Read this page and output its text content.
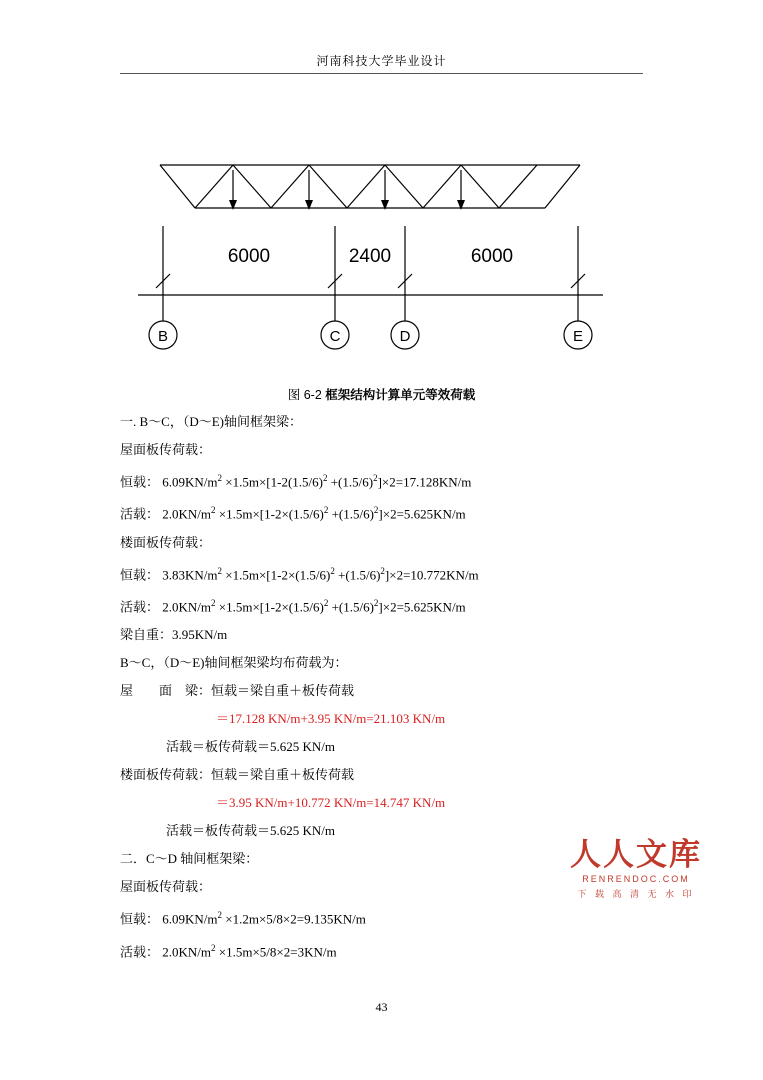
河南科技大学毕业设计
6000	2400	6000
B	C	D	E
图 6-2 框架结构计算单元等效荷载
一. B～C，（D～E)轴间框架梁：
屋面板传荷载：
恒载： $6.09KN/m^2 \times 1.5m\times[1-2(1.5/6)^2 +(1.5/6)^2]\times 2=17.128KN/m$
活载： $2.0KN/m^2 \times 1.5m\times[1-2\times(1.5/6)^2 +(1.5/6)^2]\times 2=5.625KN/m$
楼面板传荷载：
恒载： $3.83KN/m^2 \times 1.5m\times[1-2\times(1.5/6)^2 +(1.5/6)^2]\times 2=10.772KN/m$
活载： $2.0KN/m^2 \times 1.5m\times[1-2\times(1.5/6)^2 +(1.5/6)^2]\times 2=5.625KN/m$
梁自重：3.95KN/m
B～C，（D～E)轴间框架梁均布荷载为：
屋　　面　梁：恒载＝梁自重＋板传荷载
＝17.128 KN/m+3.95 KN/m=21.103 KN/m
活载＝板传荷载＝5.625 KN/m
楼面板传荷载：恒载＝梁自重＋板传荷载
＝3.95 KN/m+10.772 KN/m=14.747 KN/m
活载＝板传荷载＝5.625 KN/m
二．C～D 轴间框架梁：
屋面板传荷载：
恒载： $6.09KN/m^2 \times 1.2m\times 5/8\times 2=9.135KN/m$
活载： $2.0KN/m^2 \times 1.5m\times 5/8\times 2=3KN/m$
人人文库
RENRENDOC.COM
下 载 高 清 无 水 印
43
